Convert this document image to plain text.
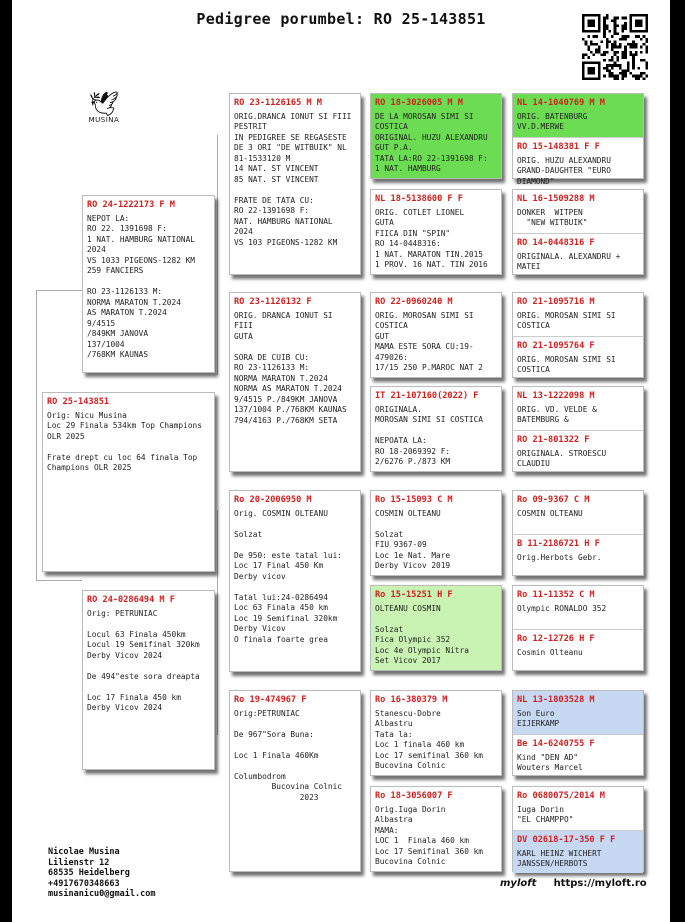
Pedigree porumbel: RO 25-143851
🕊
MUSINA
RO 25-143851
Orig: Nicu Musina
Loc 29 Finala 534km Top Champions OLR 2025

Frate drept cu loc 64 finala Top Champions OLR 2025
RO 24-1222173 F M
NEPOT LA:
RO 22. 1391698 F:
1 NAT. HAMBURG NATIONAL 2024
VS 1033 PIGEONS-1282 KM 259 FANCIERS

RO 23-1126133 M:
NORMA MARATON T.2024
AS MARATON T.2024
9/4515
/849KM JANOVA
137/1004
/768KM KAUNAS
RO 24-0286494 M F
Orig: PETRUNIAC

Locul 63 Finala 450km
Locul 19 Semifinal 320km
Derby Vicov 2024

De 494"este sora dreapta

Loc 17 Finala 450 km
Derby Vicov 2024
RO 23-1126165 M M
ORIG.DRANCA IONUT SI FIII
PESTRIT
IN PEDIGREE SE REGASESTE DE 3 ORI "DE WITBUIK" NL 81-1533120 M
14 NAT. ST VINCENT
85 NAT. ST VINCENT

FRATE DE TATA CU:
RO 22-1391698 F:
NAT. HAMBURG NATIONAL 2024
VS 103 PIGEONS-1282 KM
RO 23-1126132 F
ORIG. DRANCA IONUT SI FIII
GUTA

SORA DE CUIB CU:
RO 23-1126133 M:
NORMA MARATON T.2024
NORMA AS MARATON T.2024
9/4515 P./849KM JANOVA
137/1004 P./768KM KAUNAS
794/4163 P./768KM SETA
Ro 20-2006950 M
Orig. COSMIN OLTEANU

Solzat

De 950: este tatal lui:
Loc 17 Final 450 Km
Derby vicov

Tatal lui:24-0286494
Loc 63 Finala 450 km
Loc 19 Semifinal 320km
Derby Vicov
O finala foarte grea
Ro 19-474967 F
Orig:PETRUNIAC

De 967"Sora Buna:

Loc 1 Finala 460Km

Columbodrom
Bucovina Colnic
2023
RO 18-3026005 M M
DE LA MOROSAN SIMI SI COSTICA
ORIGINAL. HUZU ALEXANDRU GUT P.A.
TATA LA:RO 22-1391698 F:
1 NAT. HAMBURG
NL 18-5138600 F F
ORIG. COTLET LIONEL
GUTA
FIICA DIN "SPIN"
RO 14-0448316:
1 NAT. MARATON TIN.2015
1 PROV. 16 NAT. TIN 2016
RO 22-0960240 M
ORIG. MOROSAN SIMI SI COSTICA
GUT
MAMA ESTE SORA CU:19-479026:
17/15 250 P.MAROC NAT 2
IT 21-107160(2022) F
ORIGINALA.
MOROSAN SIMI SI COSTICA

NEPOATA LA:
RO 18-2069392 F:
2/6276 P./873 KM
Ro 15-15093 C M
COSMIN OLTEANU

Solzat
FIU 9367-09
Loc 1e Nat. Mare
Derby Vicov 2019
Ro 15-15251 H F
OLTEANU COSMIN

Solzat
Fica Olympic 352
Loc 4e Olympic Nitra
Set Vicov 2017
Ro 16-380379 M
Stanescu-Dobre
Albastru
Tata la:
Loc 1 finala 460 km
Loc 17 semifinal 360 km
Bucovina Colnic
Ro 18-3056007 F
Orig.Iuga Dorin
Albastra
MAMA:
LOC 1  Finala 460 km
Loc 17 Semifinal 360 km
Bucovina Colnic
NL 14-1040769 M M
ORIG. BATENBURG VV.D.MERWE
RO 15-148381 F F
ORIG. HUZU ALEXANDRU
GRAND-DAUGHTER "EURO DIAMOND"
NL 16-1509288 M
DONKER  WITPEN
"NEW WITBUIK"
RO 14-0448316 F
ORIGINALA. ALEXANDRU + MATEI
RO 21-1095716 M
ORIG. MOROSAN SIMI SI COSTICA
RO 21-1095764 F
ORIG. MOROSAN SIMI SI COSTICA
NL 13-1222098 M
ORIG. VD. VELDE & BATEMBURG &
RO 21-801322 F
ORIGINALA. STROESCU CLAUDIU
Ro 09-9367 C M
COSMIN OLTEANU
B 11-2186721 H F
Orig.Herbots Gebr.
Ro 11-11352 C M
Olympic RONALDO 352
Ro 12-12726 H F
Cosmin Olteanu
NL 13-1803528 M
Son Euro
EIJERKAMP
Be 14-6240755 F
Kind "DEN AD"
Wouters Marcel
Ro 0680075/2014 M
Iuga Dorin
"EL CHAMPPO"
DV 02618-17-350 F F
KARL HEINZ WICHERT
JANSSEN/HERBOTS
Nicolae Musina
Lilienstr 12
68535 Heidelberg
+4917670348663
musinanicu0@gmail.com
myloft https://myloft.ro
